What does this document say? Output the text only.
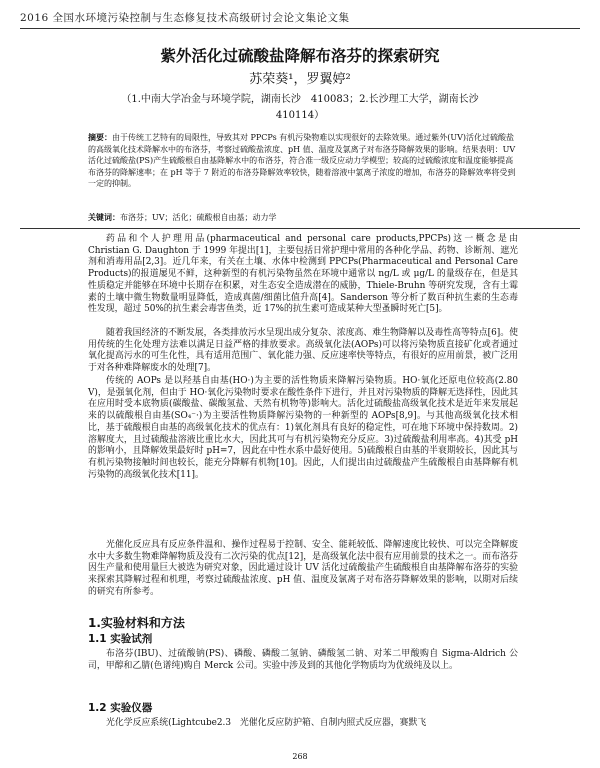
2016 全国水环境污染控制与生态修复技术高级研讨会论文集论文集
紫外活化过硫酸盐降解布洛芬的探索研究
苏荣葵¹，罗翼婷²
（1.中南大学冶金与环境学院，湖南长沙　410083；2.长沙理工大学，湖南长沙
410114）
摘要：由于传统工艺特有的局限性，导致其对 PPCPs 有机污染物难以实现很好的去除效果。通过紫外(UV)活化过硫酸盐的高级氧化技术降解水中的布洛芬，考察过硫酸盐浓度、pH 值、温度及氯离子对布洛芬降解效果的影响。结果表明：UV 活化过硫酸盐(PS)产生硫酸根自由基降解水中的布洛芬，符合准一级反应动力学模型；较高的过硫酸浓度和温度能够提高布洛芬的降解速率；在 pH 等于 7 附近的布洛芬降解效率较快，随着溶液中氯离子浓度的增加，布洛芬的降解效率将受到一定的抑制。
关键词：布洛芬；UV；活化；硫酸根自由基；动力学
药品和个人护理用品(pharmaceutical and personal care products,PPCPs)这一概念是由 Christian G. Daughton 于 1999 年提出[1]，主要包括日常护理中常用的各种化学品、药物、诊断剂、遮光剂和消毒用品[2,3]。近几年来，有关在土壤、水体中检测到 PPCPs(Pharmaceutical and Personal Care Products)的报道屡见不鲜，这种新型的有机污染物虽然在环境中通常以 ng/L 或 μg/L 的量级存在，但是其性质稳定并能够在环境中长期存在积累，对生态安全造成潜在的威胁，Thiele-Bruhn 等研究发现，含有土霉素的土壤中微生物数量明显降低，造成真菌/细菌比值升高[4]。Sanderson 等分析了数百种抗生素的生态毒性发现，超过 50%的抗生素会毒害鱼类，近 17%的抗生素可造成某种大型蚤瞬时死亡[5]。
随着我国经济的不断发展，各类排放污水呈现出成分复杂、浓度高、难生物降解以及毒性高等特点[6]。使用传统的生化处理方法难以满足日益严格的排放要求。高级氧化法(AOPs)可以将污染物质直接矿化或者通过氧化提高污水的可生化性，具有适用范围广、氧化能力强、反应速率快等特点，有很好的应用前景，被广泛用于对各种难降解废水的处理[7]。
传统的 AOPs 是以羟基自由基(HO·)为主要的活性物质来降解污染物质。HO·氧化还原电位较高(2.80 V)，是强氧化剂，但由于 HO·氧化污染物时要求在酸性条件下进行，并且对污染物质的降解无选择性，因此其在应用时受本底物质(碳酸盐、碳酸氢盐、天然有机物等)影响大。活化过硫酸盐高级氧化技术是近年来发展起来的以硫酸根自由基(SO₄⁻·)为主要活性物质降解污染物的一种新型的 AOPs[8,9]。与其他高级氧化技术相比，基于硫酸根自由基的高级氧化技术的优点有：1)氧化剂具有良好的稳定性，可在地下环境中保持数周。2)溶解度大，且过硫酸盐溶液比重比水大，因此其可与有机污染物充分反应。3)过硫酸盐利用率高。4)其受 pH 的影响小，且降解效果最好时 pH=7，因此在中性水系中最好使用。5)硫酸根自由基的半衰期较长，因此其与有机污染物接触时间也较长，能充分降解有机物[10]。因此，人们提出由过硫酸盐产生硫酸根自由基降解有机污染物的高级氧化技术[11]。
光催化反应具有反应条件温和、操作过程易于控制、安全、能耗较低、降解速度比较快、可以完全降解废水中大多数生物难降解物质及没有二次污染的优点[12]，是高级氧化法中很有应用前景的技术之一。而布洛芬因生产量和使用量巨大被选为研究对象，因此通过设计 UV 活化过硫酸盐产生硫酸根自由基降解布洛芬的实验来探索其降解过程和机理，考察过硫酸盐浓度、pH 值、温度及氯离子对布洛芬降解效果的影响，以期对后续的研究有所参考。
1.实验材料和方法
1.1 实验试剂
布洛芬(IBU)、过硫酸钠(PS)、磷酸、磷酸二氢钠、磷酸氢二钠、对苯二甲酸购自 Sigma-Aldrich 公司，甲醇和乙腈(色谱纯)购自 Merck 公司。实验中涉及到的其他化学物质均为优级纯及以上。
1.2 实验仪器
光化学反应系统(Lightcube2.3　光催化反应防护箱、自制内照式反应器，赛默飞
268
